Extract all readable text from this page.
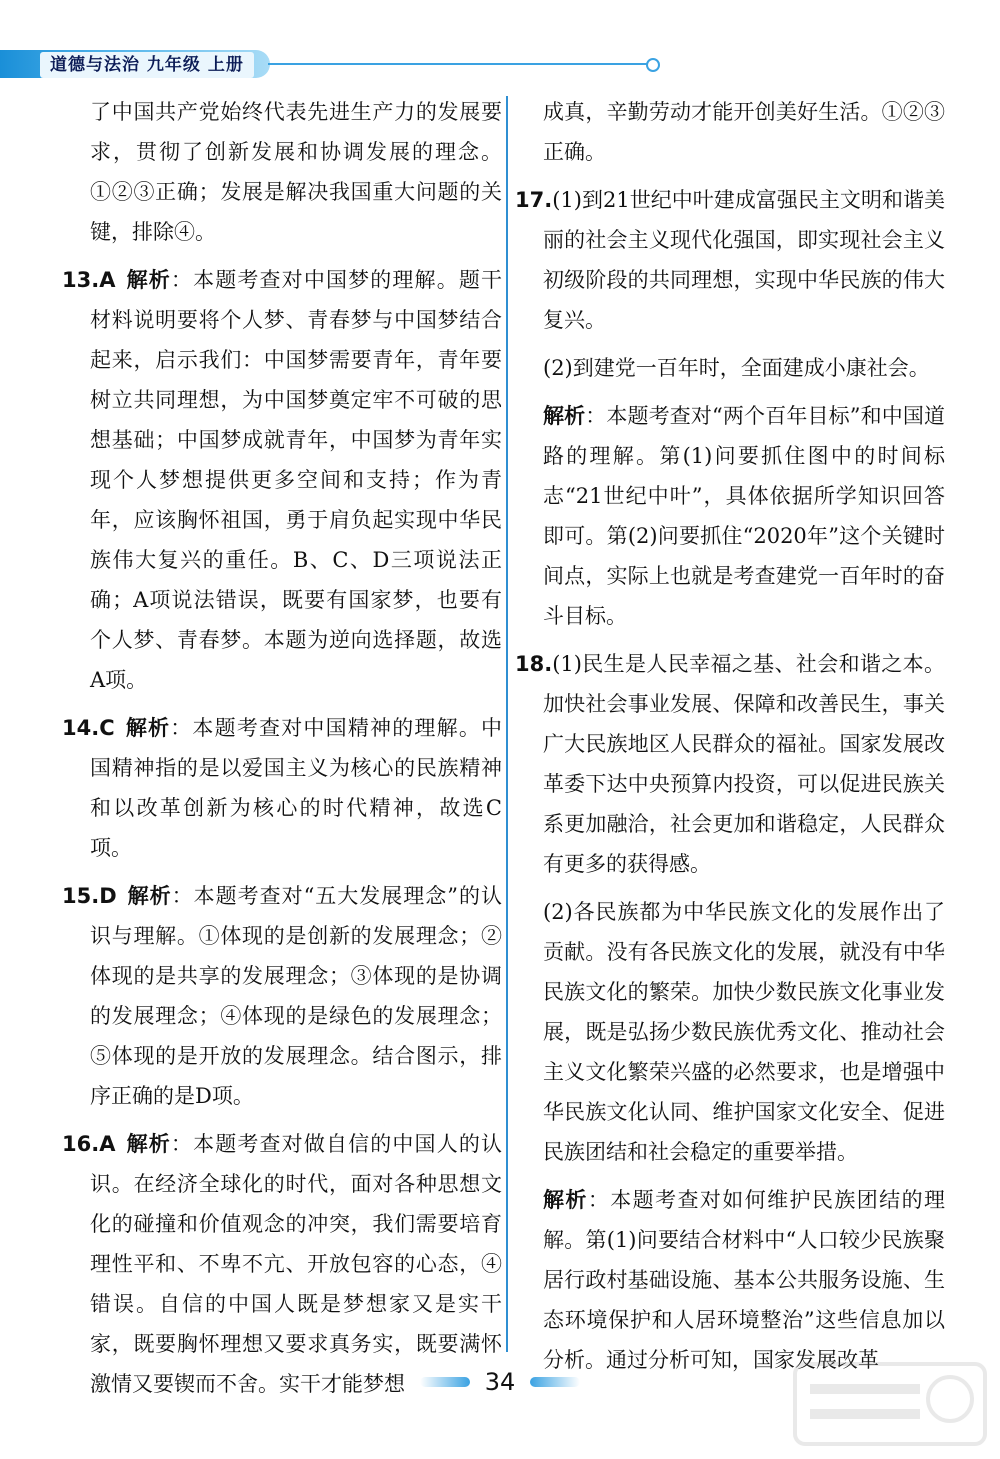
道德与法治 九年级 上册

了中国共产党始终代表先进生产力的发展要求，贯彻了创新发展和协调发展的理念。①②③正确；发展是解决我国重大问题的关键，排除④。

13.A 解析：本题考查对中国梦的理解。题干材料说明要将个人梦、青春梦与中国梦结合起来，启示我们：中国梦需要青年，青年要树立共同理想，为中国梦奠定牢不可破的思想基础；中国梦成就青年，中国梦为青年实现个人梦想提供更多空间和支持；作为青年，应该胸怀祖国，勇于肩负起实现中华民族伟大复兴的重任。B、C、D三项说法正确；A项说法错误，既要有国家梦，也要有个人梦、青春梦。本题为逆向选择题，故选A项。

14.C 解析：本题考查对中国精神的理解。中国精神指的是以爱国主义为核心的民族精神和以改革创新为核心的时代精神，故选C项。

15.D 解析：本题考查对“五大发展理念”的认识与理解。①体现的是创新的发展理念；②体现的是共享的发展理念；③体现的是协调的发展理念；④体现的是绿色的发展理念；⑤体现的是开放的发展理念。结合图示，排序正确的是D项。

16.A 解析：本题考查对做自信的中国人的认识。在经济全球化的时代，面对各种思想文化的碰撞和价值观念的冲突，我们需要培育理性平和、不卑不亢、开放包容的心态，④错误。自信的中国人既是梦想家又是实干家，既要胸怀理想又要求真务实，既要满怀激情又要锲而不舍。实干才能梦想

成真，辛勤劳动才能开创美好生活。①②③正确。

17.(1)到21世纪中叶建成富强民主文明和谐美丽的社会主义现代化强国，即实现社会主义初级阶段的共同理想，实现中华民族的伟大复兴。

(2)到建党一百年时，全面建成小康社会。

解析：本题考查对“两个百年目标”和中国道路的理解。第(1)问要抓住图中的时间标志“21世纪中叶”，具体依据所学知识回答即可。第(2)问要抓住“2020年”这个关键时间点，实际上也就是考查建党一百年时的奋斗目标。

18.(1)民生是人民幸福之基、社会和谐之本。加快社会事业发展、保障和改善民生，事关广大民族地区人民群众的福祉。国家发展改革委下达中央预算内投资，可以促进民族关系更加融洽，社会更加和谐稳定，人民群众有更多的获得感。

(2)各民族都为中华民族文化的发展作出了贡献。没有各民族文化的发展，就没有中华民族文化的繁荣。加快少数民族文化事业发展，既是弘扬少数民族优秀文化、推动社会主义文化繁荣兴盛的必然要求，也是增强中华民族文化认同、维护国家文化安全、促进民族团结和社会稳定的重要举措。

解析：本题考查对如何维护民族团结的理解。第(1)问要结合材料中“人口较少民族聚居行政村基础设施、基本公共服务设施、生态环境保护和人居环境整治”这些信息加以分析。通过分析可知，国家发展改革

34
